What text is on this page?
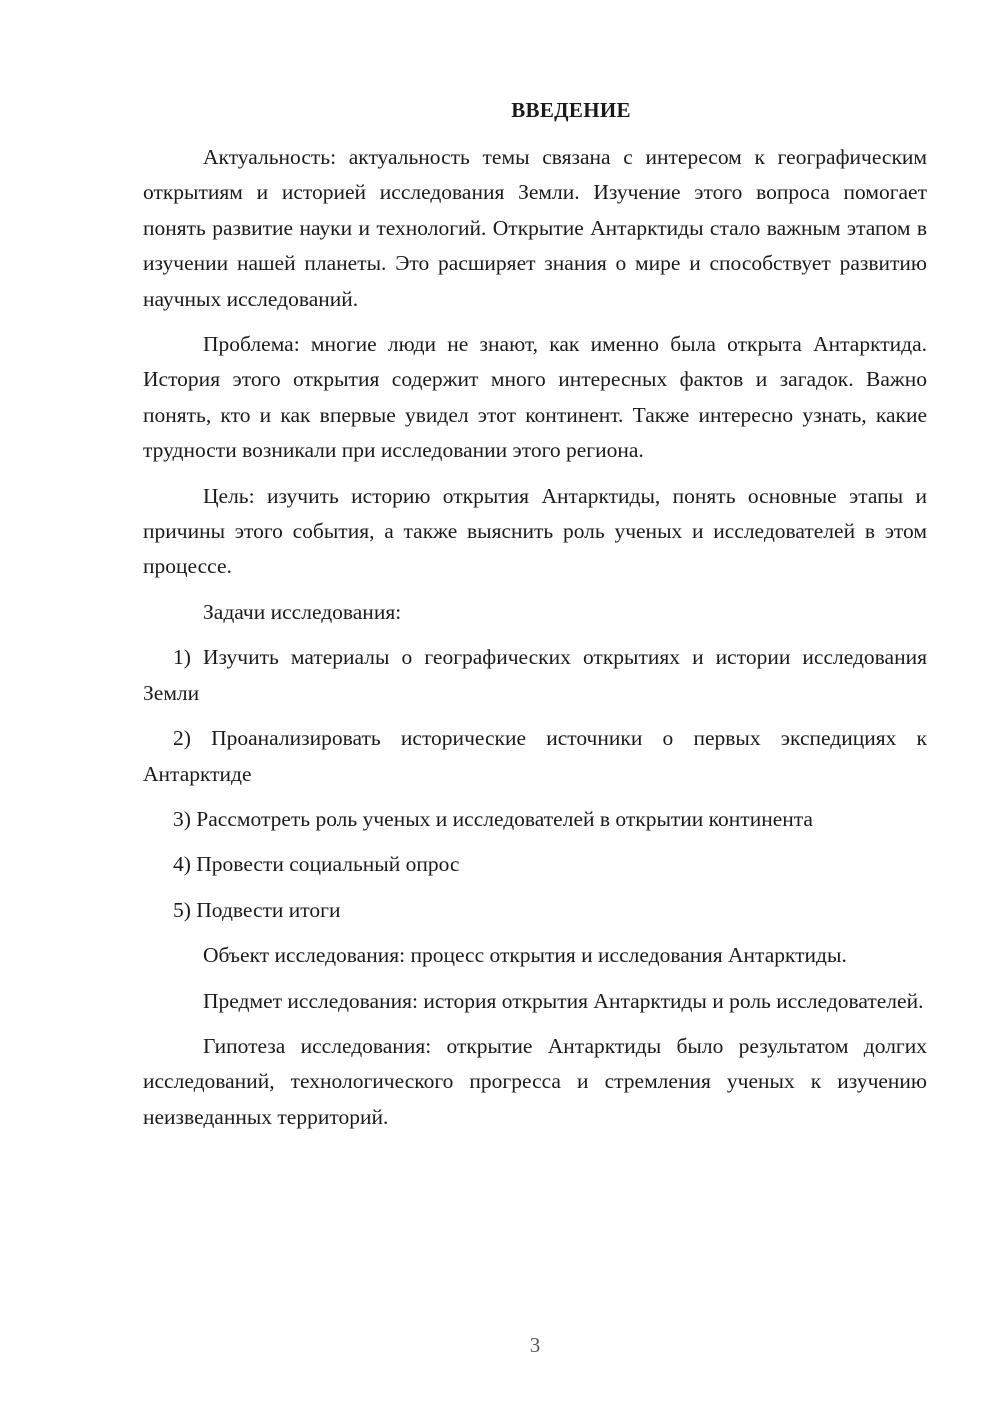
ВВЕДЕНИЕ

Актуальность: актуальность темы связана с интересом к географическим открытиям и историей исследования Земли. Изучение этого вопроса помогает понять развитие науки и технологий. Открытие Антарктиды стало важным этапом в изучении нашей планеты. Это расширяет знания о мире и способствует развитию научных исследований.

Проблема: многие люди не знают, как именно была открыта Антарктида. История этого открытия содержит много интересных фактов и загадок. Важно понять, кто и как впервые увидел этот континент. Также интересно узнать, какие трудности возникали при исследовании этого региона.

Цель: изучить историю открытия Антарктиды, понять основные этапы и причины этого события, а также выяснить роль ученых и исследователей в этом процессе.

Задачи исследования:

1) Изучить материалы о географических открытиях и истории исследования Земли

2) Проанализировать исторические источники о первых экспедициях к Антарктиде

3) Рассмотреть роль ученых и исследователей в открытии континента

4) Провести социальный опрос

5) Подвести итоги

Объект исследования: процесс открытия и исследования Антарктиды.

Предмет исследования: история открытия Антарктиды и роль исследователей.

Гипотеза исследования: открытие Антарктиды было результатом долгих исследований, технологического прогресса и стремления ученых к изучению неизведанных территорий.

3
